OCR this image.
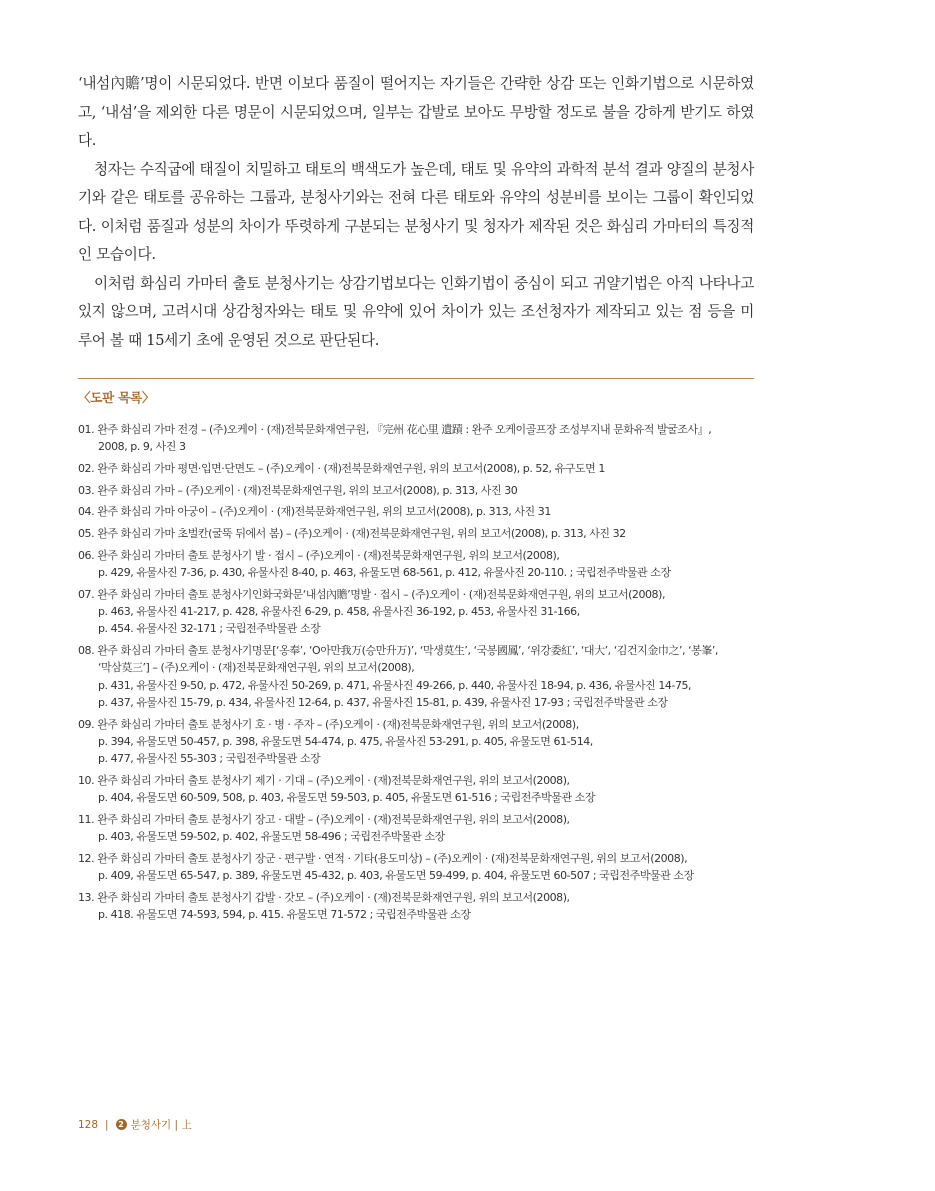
‘내섬內贍’명이 시문되었다. 반면 이보다 품질이 떨어지는 자기들은 간략한 상감 또는 인화기법으로 시문하였고, ‘내섬’을 제외한 다른 명문이 시문되었으며, 일부는 갑발로 보아도 무방할 정도로 불을 강하게 받기도 하였다.

청자는 수직굽에 태질이 치밀하고 태토의 백색도가 높은데, 태토 및 유약의 과학적 분석 결과 양질의 분청사기와 같은 태토를 공유하는 그룹과, 분청사기와는 전혀 다른 태토와 유약의 성분비를 보이는 그룹이 확인되었다. 이처럼 품질과 성분의 차이가 뚜렷하게 구분되는 분청사기 및 청자가 제작된 것은 화심리 가마터의 특징적인 모습이다.

이처럼 화심리 가마터 출토 분청사기는 상감기법보다는 인화기법이 중심이 되고 귀얄기법은 아직 나타나고 있지 않으며, 고려시대 상감청자와는 태토 및 유약에 있어 차이가 있는 조선청자가 제작되고 있는 점 등을 미루어 볼 때 15세기 초에 운영된 것으로 판단된다.

〈도판 목록〉
01. 완주 화심리 가마 전경 – (주)오케이 · (재)전북문화재연구원, 『完州 花心里 遺蹟 : 완주 오케이골프장 조성부지내 문화유적 발굴조사』,
2008, p. 9, 사진 3
02. 완주 화심리 가마 평면·입면·단면도 – (주)오케이 · (재)전북문화재연구원, 위의 보고서(2008), p. 52, 유구도면 1
03. 완주 화심리 가마 – (주)오케이 · (재)전북문화재연구원, 위의 보고서(2008), p. 313, 사진 30
04. 완주 화심리 가마 아궁이 – (주)오케이 · (재)전북문화재연구원, 위의 보고서(2008), p. 313, 사진 31
05. 완주 화심리 가마 초벌칸(굴뚝 뒤에서 봄) – (주)오케이 · (재)전북문화재연구원, 위의 보고서(2008), p. 313, 사진 32
06. 완주 화심리 가마터 출토 분청사기 발 · 접시 – (주)오케이 · (재)전북문화재연구원, 위의 보고서(2008),
p. 429, 유물사진 7-36, p. 430, 유물사진 8-40, p. 463, 유물도면 68-561, p. 412, 유물사진 20-110. ; 국립전주박물관 소장
07. 완주 화심리 가마터 출토 분청사기인화국화문‘내섬內贍’명발 · 접시 – (주)오케이 · (재)전북문화재연구원, 위의 보고서(2008),
p. 463, 유물사진 41-217, p. 428, 유물사진 6-29, p. 458, 유물사진 36-192, p. 453, 유물사진 31-166,
p. 454. 유물사진 32-171 ; 국립전주박물관 소장
08. 완주 화심리 가마터 출토 분청사기명문[‘옹奉’, ‘O아만我万(승만升万)’, ‘막생莫生’, ‘국봉國鳳’, ‘위강委紅’, ‘대大’, ‘김건지金巾之’, ‘봉峯’,
‘막삼莫三’] – (주)오케이 · (재)전북문화재연구원, 위의 보고서(2008),
p. 431, 유물사진 9-50, p. 472, 유물사진 50-269, p. 471, 유물사진 49-266, p. 440, 유물사진 18-94, p. 436, 유물사진 14-75,
p. 437, 유물사진 15-79, p. 434, 유물사진 12-64, p. 437, 유물사진 15-81, p. 439, 유물사진 17-93 ; 국립전주박물관 소장
09. 완주 화심리 가마터 출토 분청사기 호 · 병 · 주자 – (주)오케이 · (재)전북문화재연구원, 위의 보고서(2008),
p. 394, 유물도면 50-457, p. 398, 유물도면 54-474, p. 475, 유물사진 53-291, p. 405, 유물도면 61-514,
p. 477, 유물사진 55-303 ; 국립전주박물관 소장
10. 완주 화심리 가마터 출토 분청사기 제기 · 기대 – (주)오케이 · (재)전북문화재연구원, 위의 보고서(2008),
p. 404, 유물도면 60-509, 508, p. 403, 유물도면 59-503, p. 405, 유물도면 61-516 ; 국립전주박물관 소장
11. 완주 화심리 가마터 출토 분청사기 장고 · 대발 – (주)오케이 · (재)전북문화재연구원, 위의 보고서(2008),
p. 403, 유물도면 59-502, p. 402, 유물도면 58-496 ; 국립전주박물관 소장
12. 완주 화심리 가마터 출토 분청사기 장군 · 편구발 · 연적 · 기타(용도미상) – (주)오케이 · (재)전북문화재연구원, 위의 보고서(2008),
p. 409, 유물도면 65-547, p. 389, 유물도면 45-432, p. 403, 유물도면 59-499, p. 404, 유물도면 60-507 ; 국립전주박물관 소장
13. 완주 화심리 가마터 출토 분청사기 갑발 · 갓모 – (주)오케이 · (재)전북문화재연구원, 위의 보고서(2008),
p. 418. 유물도면 74-593, 594, p. 415. 유물도면 71-572 ; 국립전주박물관 소장
128 |	2 분청사기 | 上
